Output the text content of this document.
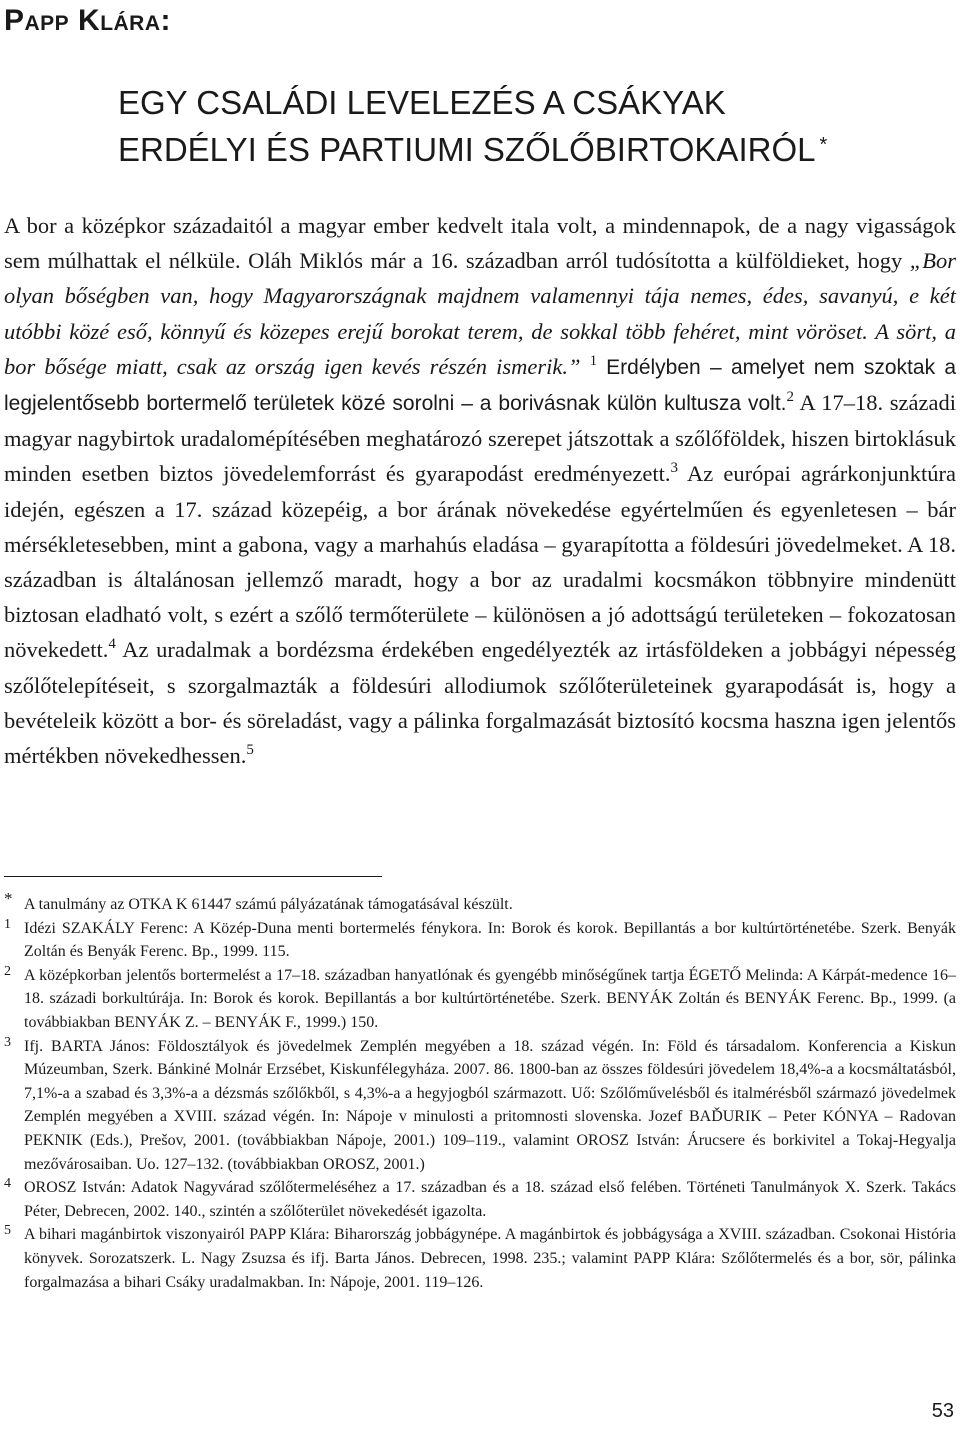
Papp Klára:
EGY CSALÁDI LEVELEZÉS A CSÁKYAK
ERDÉLYI ÉS PARTIUMI SZŐLŐBIRTOKAIRÓL *

A bor a középkor századaitól a magyar ember kedvelt itala volt, a mindennapok, de a nagy vigasságok sem múlhattak el nélküle. Oláh Miklós már a 16. században arról tudósította a külföldieket, hogy „Bor olyan bőségben van, hogy Magyarországnak majdnem valamennyi tája nemes, édes, savanyú, e két utóbbi közé eső, könnyű és közepes erejű borokat terem, de sokkal több fehéret, mint vöröset. A sört, a bor bősége miatt, csak az ország igen kevés részén ismerik.” $^1$ Erdélyben – amelyet nem szoktak a legjelentősebb bortermelő területek közé sorolni – a borivásnak külön kultusza volt.$^2$ A 17–18. századi magyar nagybirtok uradalomépítésében meghatározó szerepet játszottak a szőlőföldek, hiszen birtoklásuk minden esetben biztos jövedelemforrást és gyarapodást eredményezett.$^3$ Az európai agrárkonjunktúra idején, egészen a 17. század közepéig, a bor árának növekedése egyértelműen és egyenletesen – bár mérsékletesebben, mint a gabona, vagy a marhahús eladása – gyarapította a földesúri jövedelmeket. A 18. században is általánosan jellemző maradt, hogy a bor az uradalmi kocsmákon többnyire mindenütt biztosan eladható volt, s ezért a szőlő termőterülete – különösen a jó adottságú területeken – fokozatosan növekedett.$^4$ Az uradalmak a bordézsma érdekében engedélyezték az irtásföldeken a jobbágyi népesség szőlőtelepítéseit, s szorgalmazták a földesúri allodiumok szőlőterületeinek gyarapodását is, hogy a bevételeik között a bor- és söreladást, vagy a pálinka forgalmazását biztosító kocsma haszna igen jelentős mértékben növekedhessen.$^5$

* A tanulmány az OTKA K 61447 számú pályázatának támogatásával készült.
1 Idézi SZAKÁLY Ferenc: A Közép-Duna menti bortermelés fénykora. In: Borok és korok. Bepillantás a bor kultúrtörténetébe. Szerk. Benyák Zoltán és Benyák Ferenc. Bp., 1999. 115.
2 A középkorban jelentős bortermelést a 17–18. században hanyatlónak és gyengébb minőségűnek tartja ÉGETŐ Melinda: A Kárpát-medence 16–18. századi borkultúrája. In: Borok és korok. Bepillantás a bor kultúrtörténetébe. Szerk. BENYÁK Zoltán és BENYÁK Ferenc. Bp., 1999. (a továbbiakban BENYÁK Z. – BENYÁK F., 1999.) 150.
3 Ifj. BARTA János: Földosztályok és jövedelmek Zemplén megyében a 18. század végén. In: Föld és társadalom. Konferencia a Kiskun Múzeumban, Szerk. Bánkiné Molnár Erzsébet, Kiskunfélegyháza. 2007. 86. 1800-ban az összes földesúri jövedelem 18,4%-a a kocsmáltatásból, 7,1%-a a szabad és 3,3%-a a dézsmás szőlőkből, s 4,3%-a a hegyjogból származott. Uő: Szőlőművelésből és italmérésből származó jövedelmek Zemplén megyében a XVIII. század végén. In: Nápoje v minulosti a pritomnosti slovenska. Jozef BAĎURIK – Peter KÓNYA – Radovan PEKNIK (Eds.), Prešov, 2001. (továbbiakban Nápoje, 2001.) 109–119., valamint OROSZ István: Árucsere és borkivitel a Tokaj-Hegyalja mezővárosaiban. Uo. 127–132. (továbbiakban OROSZ, 2001.)
4 OROSZ István: Adatok Nagyvárad szőlőtermeléséhez a 17. században és a 18. század első felében. Történeti Tanulmányok X. Szerk. Takács Péter, Debrecen, 2002. 140., szintén a szőlőterület növekedését igazolta.
5 A bihari magánbirtok viszonyairól PAPP Klára: Biharország jobbágynépe. A magánbirtok és jobbágysága a XVIII. században. Csokonai História könyvek. Sorozatszerk. L. Nagy Zsuzsa és ifj. Barta János. Debrecen, 1998. 235.; valamint PAPP Klára: Szőlőtermelés és a bor, sör, pálinka forgalmazása a bihari Csáky uradalmakban. In: Nápoje, 2001. 119–126.

53
